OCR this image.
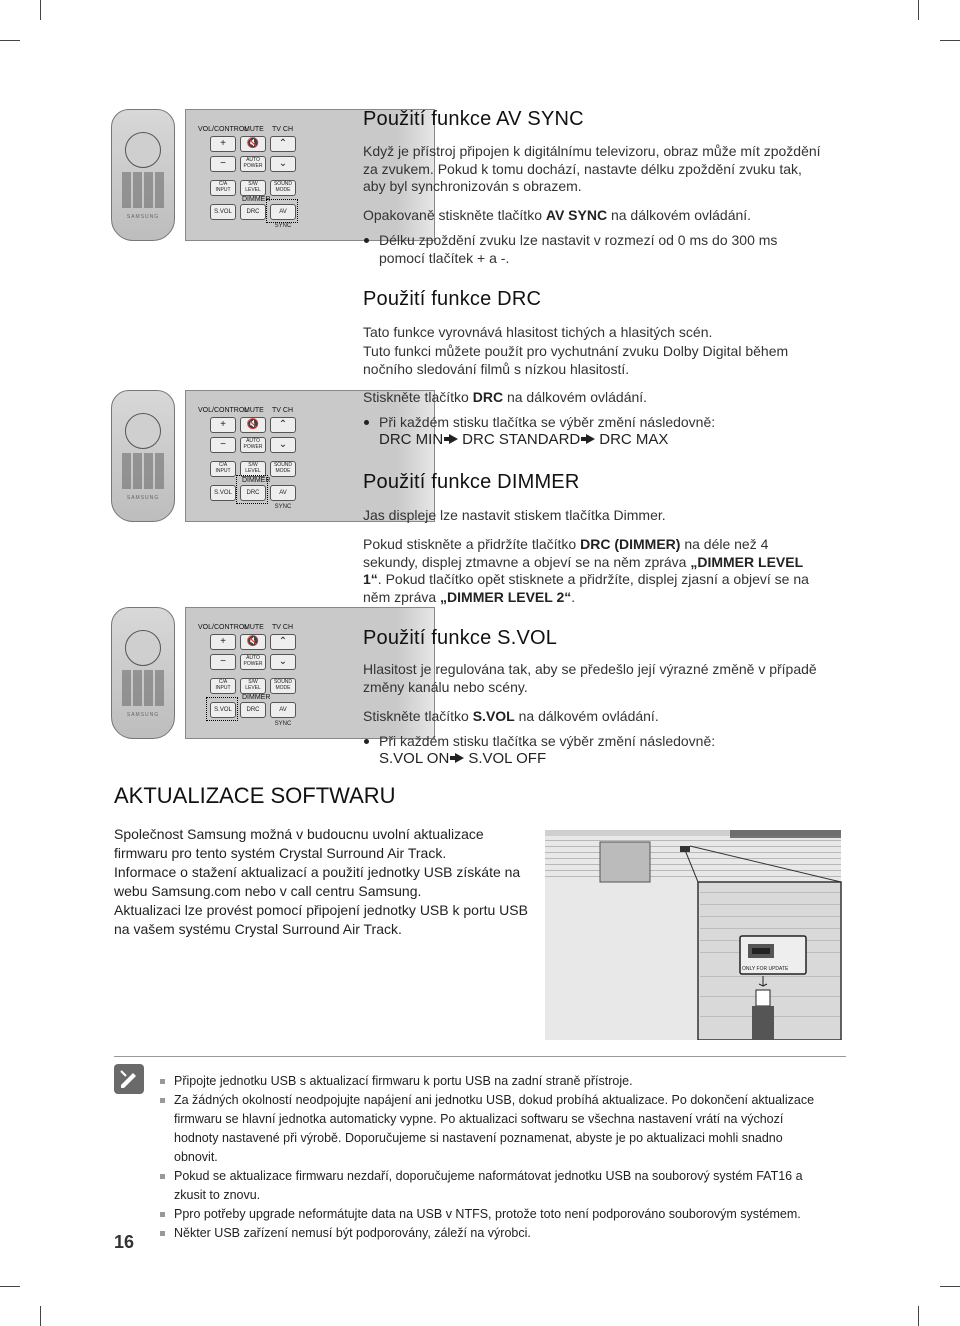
SAMSUNG
VOL/CONTROL
MUTE TV CH
+	🔇	⌃
−	AUTO POWER	⌄
C/A INPUT
S/W LEVEL
SOUND MODE
DIMMER
S.VOL	DRC	AV SYNC
SAMSUNG
VOL/CONTROL
MUTE TV CH
+	🔇	⌃
−	AUTO POWER	⌄
C/A INPUT
S/W LEVEL
SOUND MODE
DIMMER
S.VOL	DRC	AV SYNC
SAMSUNG
VOL/CONTROL
MUTE TV CH
+	🔇	⌃
−	AUTO POWER	⌄
C/A INPUT
S/W LEVEL
SOUND MODE
DIMMER
S.VOL	DRC	AV SYNC
Použití funkce AV SYNC

Když je přístroj připojen k digitálnímu televizoru, obraz může mít zpoždění za zvukem. Pokud k tomu dochází, nastavte délku zpoždění zvuku tak, aby byl synchronizován s obrazem.

Opakovaně stiskněte tlačítko AV SYNC na dálkovém ovládání.

Délku zpoždění zvuku lze nastavit v rozmezí od 0 ms do 300 ms pomocí tlačítek + a -.
Použití funkce DRC

Tato funkce vyrovnává hlasitost tichých a hlasitých scén.

Tuto funkci můžete použít pro vychutnání zvuku Dolby Digital během nočního sledování filmů s nízkou hlasitostí.

Stiskněte tlačítko DRC na dálkovém ovládání.

Při každém stisku tlačítka se výběr změní následovně:
DRC MIN DRC STANDARD DRC MAX
Použití funkce DIMMER

Jas displeje lze nastavit stiskem tlačítka Dimmer.

Pokud stiskněte a přidržíte tlačítko DRC (DIMMER) na déle než 4 sekundy, displej ztmavne a objeví se na něm zpráva „DIMMER LEVEL 1“. Pokud tlačítko opět stisknete a přidržíte, displej zjasní a objeví se na něm zpráva „DIMMER LEVEL 2“.

Použití funkce S.VOL

Hlasitost je regulována tak, aby se předešlo její výrazné změně v případě změny kanálu nebo scény.

Stiskněte tlačítko S.VOL na dálkovém ovládání.

Při každém stisku tlačítka se výběr změní následovně:
S.VOL ON S.VOL OFF
AKTUALIZACE SOFTWARU
Společnost Samsung možná v budoucnu uvolní aktualizace firmwaru pro tento systém Crystal Surround Air Track.
Informace o stažení aktualizací a použití jednotky USB získáte na webu Samsung.com nebo v call centru Samsung.
Aktualizaci lze provést pomocí připojení jednotky USB k portu USB na vašem systému Crystal Surround Air Track.
ONLY FOR UPDATE
Připojte jednotku USB s aktualizací firmwaru k portu USB na zadní straně přístroje.
Za žádných okolností neodpojujte napájení ani jednotku USB, dokud probíhá aktualizace. Po dokončení aktualizace firmwaru se hlavní jednotka automaticky vypne. Po aktualizaci softwaru se všechna nastavení vrátí na výchozí hodnoty nastavené při výrobě. Doporučujeme si nastavení poznamenat, abyste je po aktualizaci mohli snadno obnovit.
Pokud se aktualizace firmwaru nezdaří, doporučujeme naformátovat jednotku USB na souborový systém FAT16 a zkusit to znovu.
Ppro potřeby upgrade neformátujte data na USB v NTFS, protože toto není podporováno souborovým systémem.
Někter USB zařízení nemusí být podporovány, záleží na výrobci.
16
